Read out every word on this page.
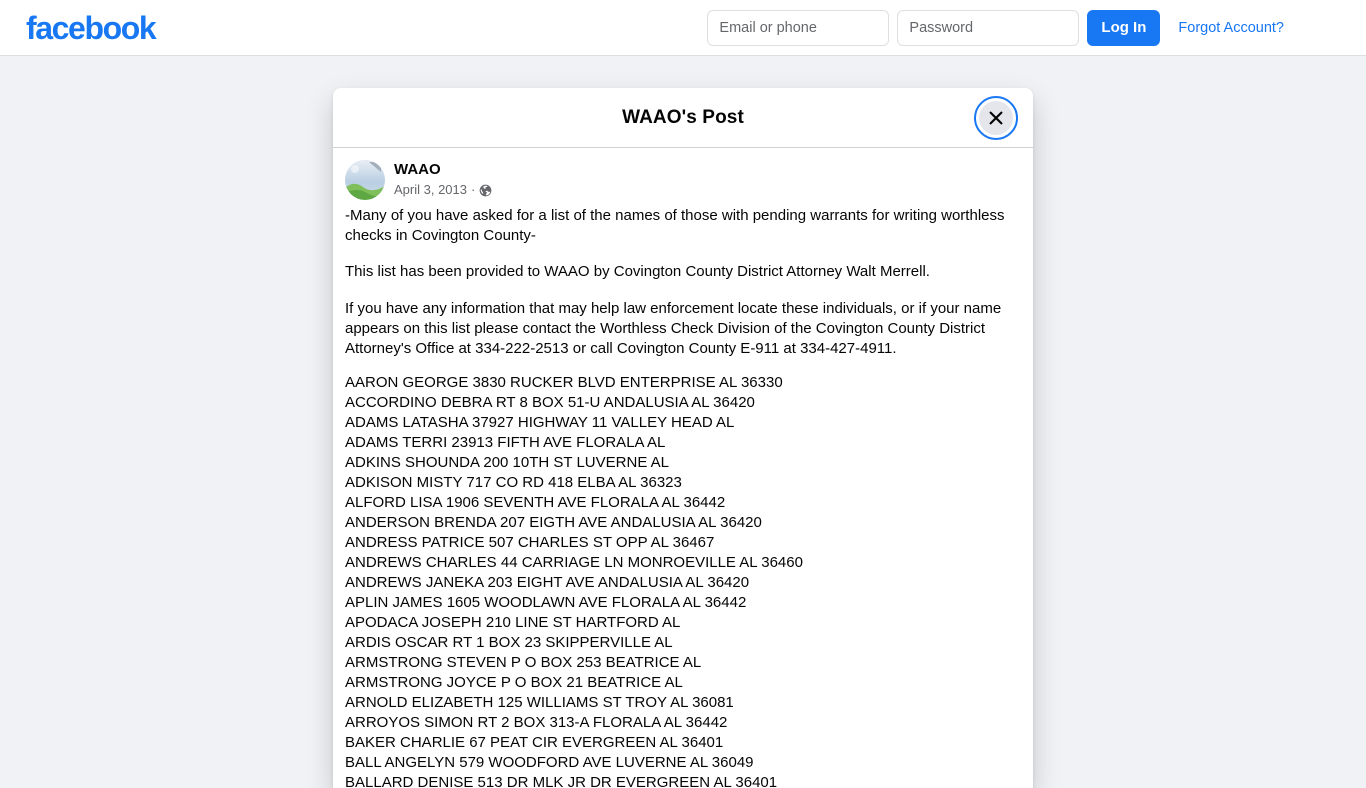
facebook
Email or phone	Log In	Forgot Account?
WAAO's Post
WAAO
April 3, 2013 ·

-Many of you have asked for a list of the names of those with pending warrants for writing worthless checks in Covington County-

This list has been provided to WAAO by Covington County District Attorney Walt Merrell.

If you have any information that may help law enforcement locate these individuals, or if your name appears on this list please contact the Worthless Check Division of the Covington County District Attorney's Office at 334-222-2513 or call Covington County E-911 at 334-427-4911.

AARON GEORGE 3830 RUCKER BLVD ENTERPRISE AL 36330
ACCORDINO DEBRA RT 8 BOX 51-U ANDALUSIA AL 36420
ADAMS LATASHA 37927 HIGHWAY 11 VALLEY HEAD AL
ADAMS TERRI 23913 FIFTH AVE FLORALA AL
ADKINS SHOUNDA 200 10TH ST LUVERNE AL
ADKISON MISTY 717 CO RD 418 ELBA AL 36323
ALFORD LISA 1906 SEVENTH AVE FLORALA AL 36442
ANDERSON BRENDA 207 EIGTH AVE ANDALUSIA AL 36420
ANDRESS PATRICE 507 CHARLES ST OPP AL 36467
ANDREWS CHARLES 44 CARRIAGE LN MONROEVILLE AL 36460
ANDREWS JANEKA 203 EIGHT AVE ANDALUSIA AL 36420
APLIN JAMES 1605 WOODLAWN AVE FLORALA AL 36442
APODACA JOSEPH 210 LINE ST HARTFORD AL
ARDIS OSCAR RT 1 BOX 23 SKIPPERVILLE AL
ARMSTRONG STEVEN P O BOX 253 BEATRICE AL
ARMSTRONG JOYCE P O BOX 21 BEATRICE AL
ARNOLD ELIZABETH 125 WILLIAMS ST TROY AL 36081
ARROYOS SIMON RT 2 BOX 313-A FLORALA AL 36442
BAKER CHARLIE 67 PEAT CIR EVERGREEN AL 36401
BALL ANGELYN 579 WOODFORD AVE LUVERNE AL 36049
BALLARD DENISE 513 DR MLK JR DR EVERGREEN AL 36401
